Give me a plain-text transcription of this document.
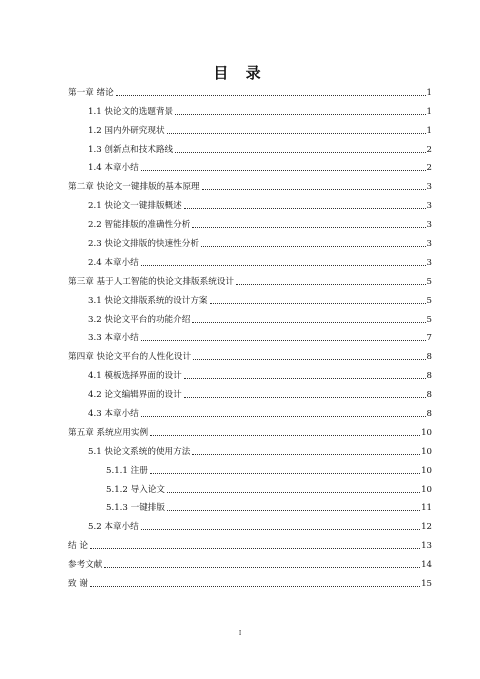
目 录
第一章 绪论	1
1.1 快论文的选题背景	1
1.2 国内外研究现状	1
1.3 创新点和技术路线	2
1.4 本章小结	2
第二章 快论文一键排版的基本原理	3
2.1 快论文一键排版概述	3
2.2 智能排版的准确性分析	3
2.3 快论文排版的快速性分析	3
2.4 本章小结	3
第三章 基于人工智能的快论文排版系统设计	5
3.1 快论文排版系统的设计方案	5
3.2 快论文平台的功能介绍	5
3.3 本章小结	7
第四章 快论文平台的人性化设计	8
4.1 模板选择界面的设计	8
4.2 论文编辑界面的设计	8
4.3 本章小结	8
第五章 系统应用实例	10
5.1 快论文系统的使用方法	10
5.1.1 注册	10
5.1.2 导入论文	10
5.1.3 一键排版	11
5.2 本章小结	12
结 论	13
参考文献	14
致 谢	15
I
